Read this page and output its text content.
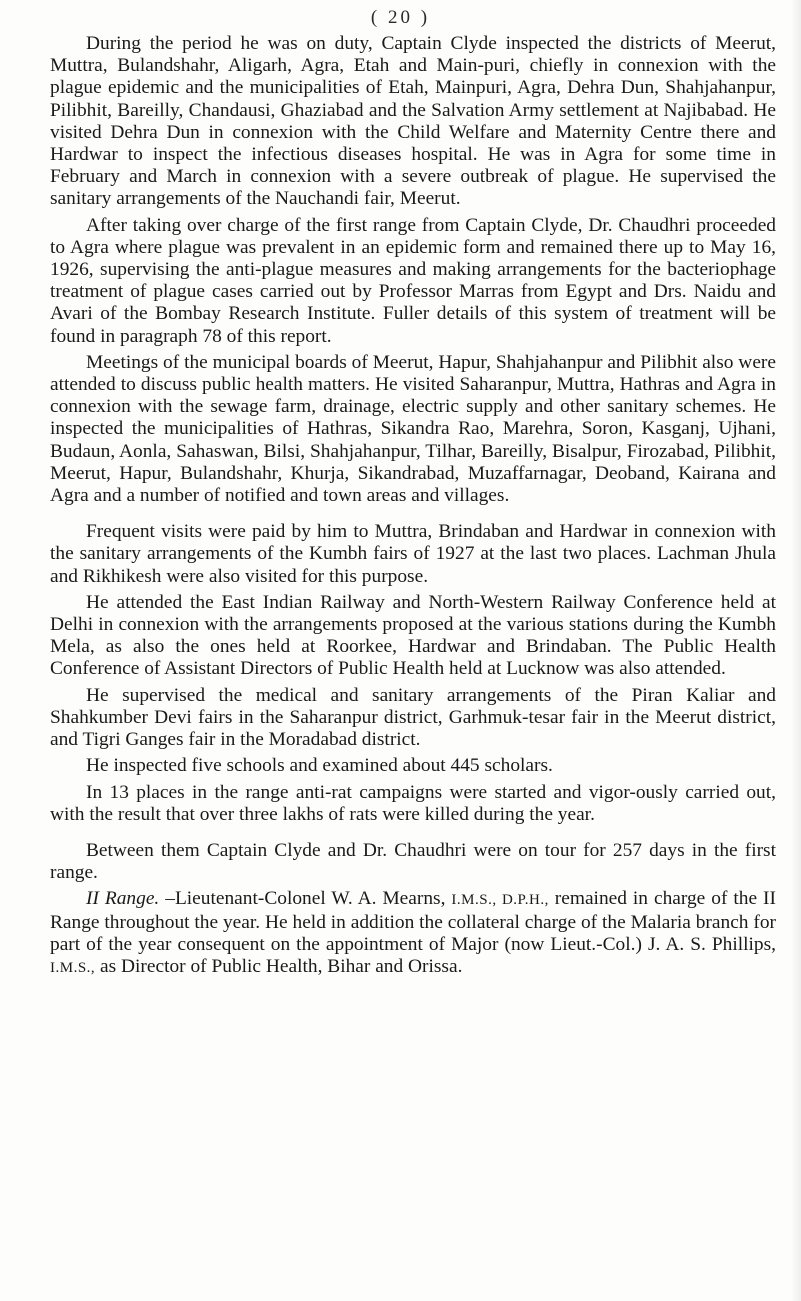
( 20 )

During the period he was on duty, Captain Clyde inspected the districts of Meerut, Muttra, Bulandshahr, Aligarh, Agra, Etah and Main-puri, chiefly in connexion with the plague epidemic and the municipalities of Etah, Mainpuri, Agra, Dehra Dun, Shahjahanpur, Pilibhit, Bareilly, Chandausi, Ghaziabad and the Salvation Army settlement at Najibabad. He visited Dehra Dun in connexion with the Child Welfare and Maternity Centre there and Hardwar to inspect the infectious diseases hospital. He was in Agra for some time in February and March in connexion with a severe outbreak of plague. He supervised the sanitary arrangements of the Nauchandi fair, Meerut.

After taking over charge of the first range from Captain Clyde, Dr. Chaudhri proceeded to Agra where plague was prevalent in an epidemic form and remained there up to May 16, 1926, supervising the anti-plague measures and making arrangements for the bacteriophage treatment of plague cases carried out by Professor Marras from Egypt and Drs. Naidu and Avari of the Bombay Research Institute. Fuller details of this system of treatment will be found in paragraph 78 of this report.

Meetings of the municipal boards of Meerut, Hapur, Shahjahanpur and Pilibhit also were attended to discuss public health matters. He visited Saharanpur, Muttra, Hathras and Agra in connexion with the sewage farm, drainage, electric supply and other sanitary schemes. He inspected the municipalities of Hathras, Sikandra Rao, Marehra, Soron, Kasganj, Ujhani, Budaun, Aonla, Sahaswan, Bilsi, Shahjahanpur, Tilhar, Bareilly, Bisalpur, Firozabad, Pilibhit, Meerut, Hapur, Bulandshahr, Khurja, Sikandrabad, Muzaffarnagar, Deoband, Kairana and Agra and a number of notified and town areas and villages.

Frequent visits were paid by him to Muttra, Brindaban and Hardwar in connexion with the sanitary arrangements of the Kumbh fairs of 1927 at the last two places. Lachman Jhula and Rikhikesh were also visited for this purpose.

He attended the East Indian Railway and North-Western Railway Conference held at Delhi in connexion with the arrangements proposed at the various stations during the Kumbh Mela, as also the ones held at Roorkee, Hardwar and Brindaban. The Public Health Conference of Assistant Directors of Public Health held at Lucknow was also attended.

He supervised the medical and sanitary arrangements of the Piran Kaliar and Shahkumber Devi fairs in the Saharanpur district, Garhmuk-tesar fair in the Meerut district, and Tigri Ganges fair in the Moradabad district.

He inspected five schools and examined about 445 scholars.

In 13 places in the range anti-rat campaigns were started and vigor-ously carried out, with the result that over three lakhs of rats were killed during the year.

Between them Captain Clyde and Dr. Chaudhri were on tour for 257 days in the first range.

II Range. –Lieutenant-Colonel W. A. Mearns, I.M.S., D.P.H., remained in charge of the II Range throughout the year. He held in addition the collateral charge of the Malaria branch for part of the year consequent on the appointment of Major (now Lieut.-Col.) J. A. S. Phillips, I.M.S., as Director of Public Health, Bihar and Orissa.
